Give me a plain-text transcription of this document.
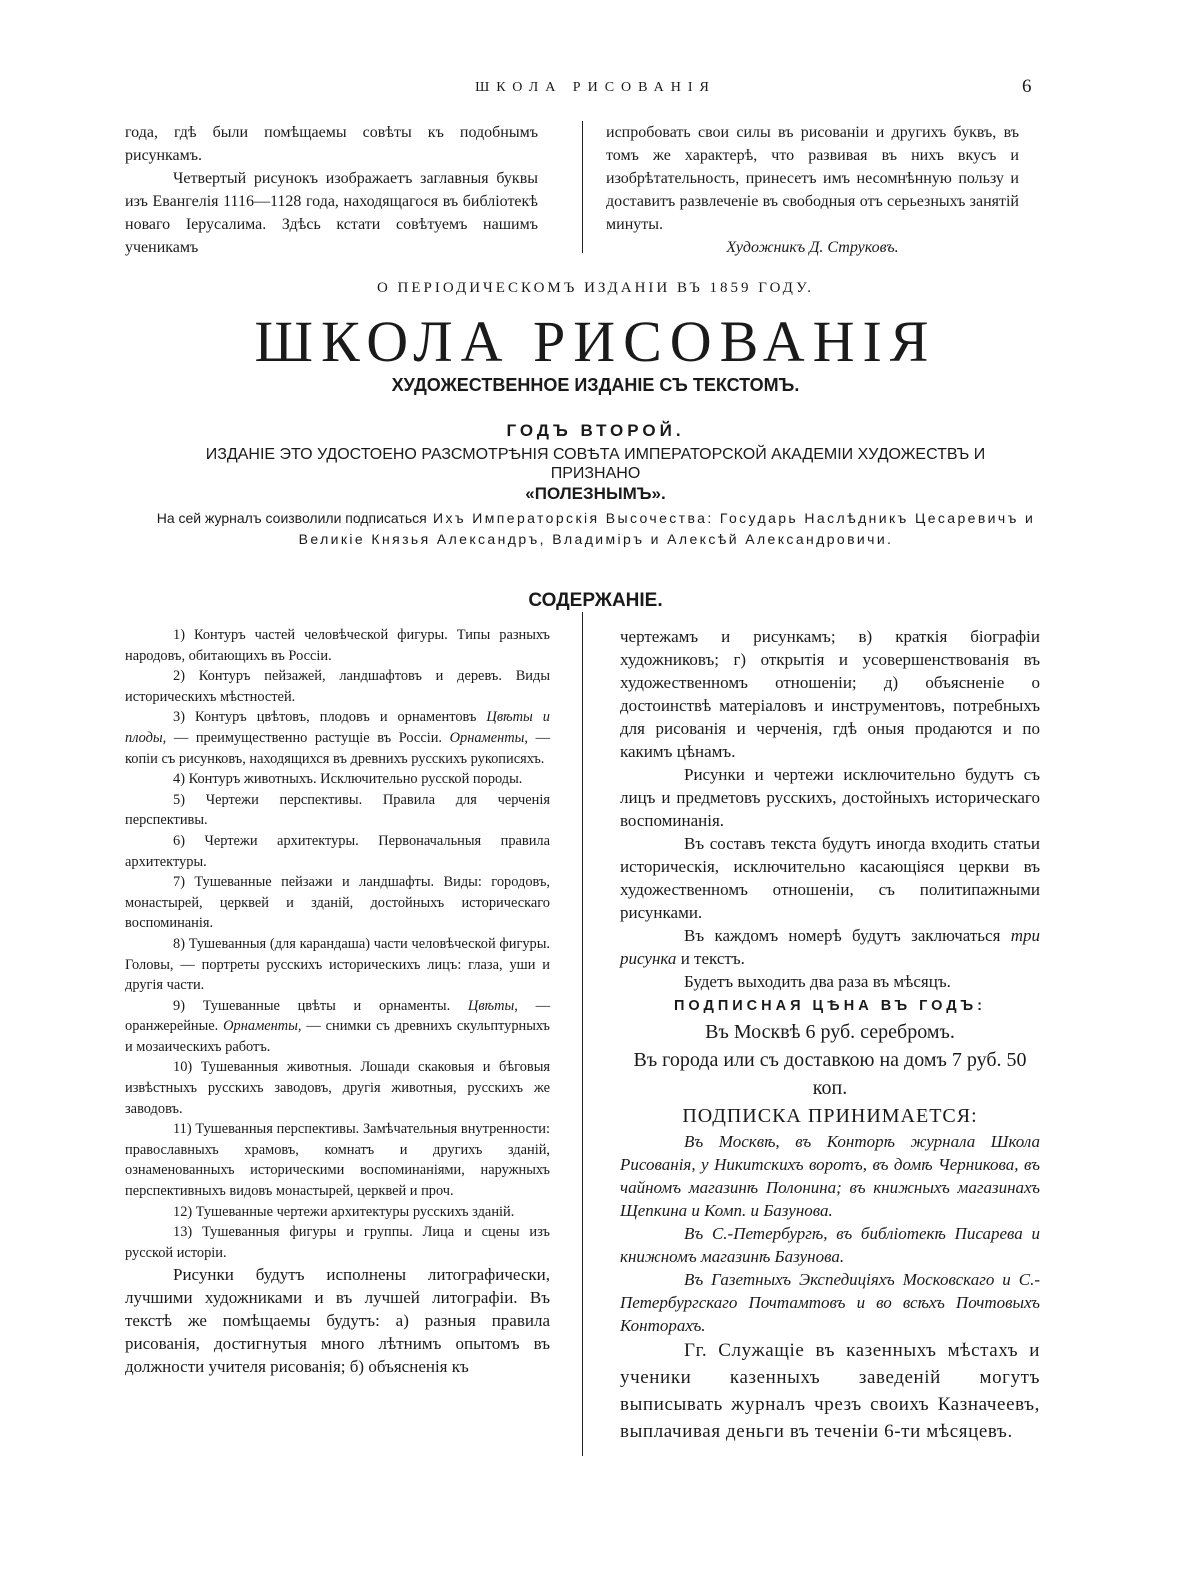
ШКОЛА РИСОВАНІЯ	6

года, гдѣ были помѣщаемы совѣты къ подобнымъ рисункамъ.

Четвертый рисунокъ изображаетъ заглавныя буквы изъ Евангелія 1116—1128 года, находящагося въ библіотекѣ новаго Іерусалима. Здѣсь кстати совѣтуемъ нашимъ ученикамъ

испробовать свои силы въ рисованіи и другихъ буквъ, въ томъ же характерѣ, что развивая въ нихъ вкусъ и изобрѣтательность, принесетъ имъ несомнѣнную пользу и доставитъ развлеченіе въ свободныя отъ серьезныхъ занятій минуты.

Художникъ Д. Струковъ.

О ПЕРІОДИЧЕСКОМЪ ИЗДАНІИ ВЪ 1859 ГОДУ.
ШКОЛА РИСОВАНІЯ
ХУДОЖЕСТВЕННОЕ ИЗДАНІЕ СЪ ТЕКСТОМЪ.
ГОДЪ ВТОРОЙ.
ИЗДАНІЕ ЭТО УДОСТОЕНО РАЗСМОТРѢНІЯ СОВѢТА ИМПЕРАТОРСКОЙ АКАДЕМІИ ХУДОЖЕСТВЪ И ПРИЗНАНО
«ПОЛЕЗНЫМЪ».
На сей журналъ соизволили подписаться Ихъ Императорскія Высочества: Государь Наслѣдникъ Цесаревичъ и Великіе Князья Александръ, Владиміръ и Алексѣй Александровичи.
СОДЕРЖАНІЕ.

1) Контуръ частей человѣческой фигуры. Типы разныхъ народовъ, обитающихъ въ Россіи.

2) Контуръ пейзажей, ландшафтовъ и деревъ. Виды историческихъ мѣстностей.

3) Контуръ цвѣтовъ, плодовъ и орнаментовъ Цвѣты и плоды, — преимущественно растущіе въ Россіи. Орнаменты, — копіи съ рисунковъ, находящихся въ древнихъ русскихъ рукописяхъ.

4) Контуръ животныхъ. Исключительно русской породы.

5) Чертежи перспективы. Правила для черченія перспективы.

6) Чертежи архитектуры. Первоначальныя правила архитектуры.

7) Тушеванные пейзажи и ландшафты. Виды: городовъ, монастырей, церквей и зданій, достойныхъ историческаго воспоминанія.

8) Тушеванныя (для карандаша) части человѣческой фигуры. Головы, — портреты русскихъ историческихъ лицъ: глаза, уши и другія части.

9) Тушеванные цвѣты и орнаменты. Цвѣты, — оранжерейные. Орнаменты, — снимки съ древнихъ скульптурныхъ и мозаическихъ работъ.

10) Тушеванныя животныя. Лошади скаковыя и бѣговыя извѣстныхъ русскихъ заводовъ, другія животныя, русскихъ же заводовъ.

11) Тушеванныя перспективы. Замѣчательныя внутренности: православныхъ храмовъ, комнатъ и другихъ зданій, ознаменованныхъ историческими воспоминаніями, наружныхъ перспективныхъ видовъ монастырей, церквей и проч.

12) Тушеванные чертежи архитектуры русскихъ зданій.

13) Тушеванныя фигуры и группы. Лица и сцены изъ русской исторіи.

Рисунки будутъ исполнены литографически, лучшими художниками и въ лучшей литографіи. Въ текстѣ же помѣщаемы будутъ: а) разныя правила рисованія, достигнутыя много лѣтнимъ опытомъ въ должности учителя рисованія; б) объясненія къ

чертежамъ и рисункамъ; в) краткія біографіи художниковъ; г) открытія и усовершенствованія въ художественномъ отношеніи; д) объясненіе о достоинствѣ матеріаловъ и инструментовъ, потребныхъ для рисованія и черченія, гдѣ оныя продаются и по какимъ цѣнамъ.

Рисунки и чертежи исключительно будутъ съ лицъ и предметовъ русскихъ, достойныхъ историческаго воспоминанія.

Въ составъ текста будутъ иногда входить статьи историческія, исключительно касающіяся церкви въ художественномъ отношеніи, съ политипажными рисунками.

Въ каждомъ номерѣ будутъ заключаться три рисунка и текстъ.

Будетъ выходить два раза въ мѣсяцъ.

ПОДПИСНАЯ ЦѢНА ВЪ ГОДЪ:

Въ Москвѣ 6 руб. серебромъ.

Въ города или съ доставкою на домъ 7 руб. 50 коп.

ПОДПИСКА ПРИНИМАЕТСЯ:

Въ Москвѣ, въ Конторѣ журнала Школа Рисованія, у Никитскихъ воротъ, въ домѣ Черникова, въ чайномъ магазинѣ Полонина; въ книжныхъ магазинахъ Щепкина и Комп. и Базунова.

Въ С.-Петербургѣ, въ библіотекѣ Писарева и книжномъ магазинѣ Базунова.

Въ Газетныхъ Экспедиціяхъ Московскаго и С.-Петербургскаго Почтамтовъ и во всѣхъ Почтовыхъ Конторахъ.

Гг. Служащіе въ казенныхъ мѣстахъ и ученики казенныхъ заведеній могутъ выписывать журналъ чрезъ своихъ Казначеевъ, выплачивая деньги въ теченіи 6-ти мѣсяцевъ.
